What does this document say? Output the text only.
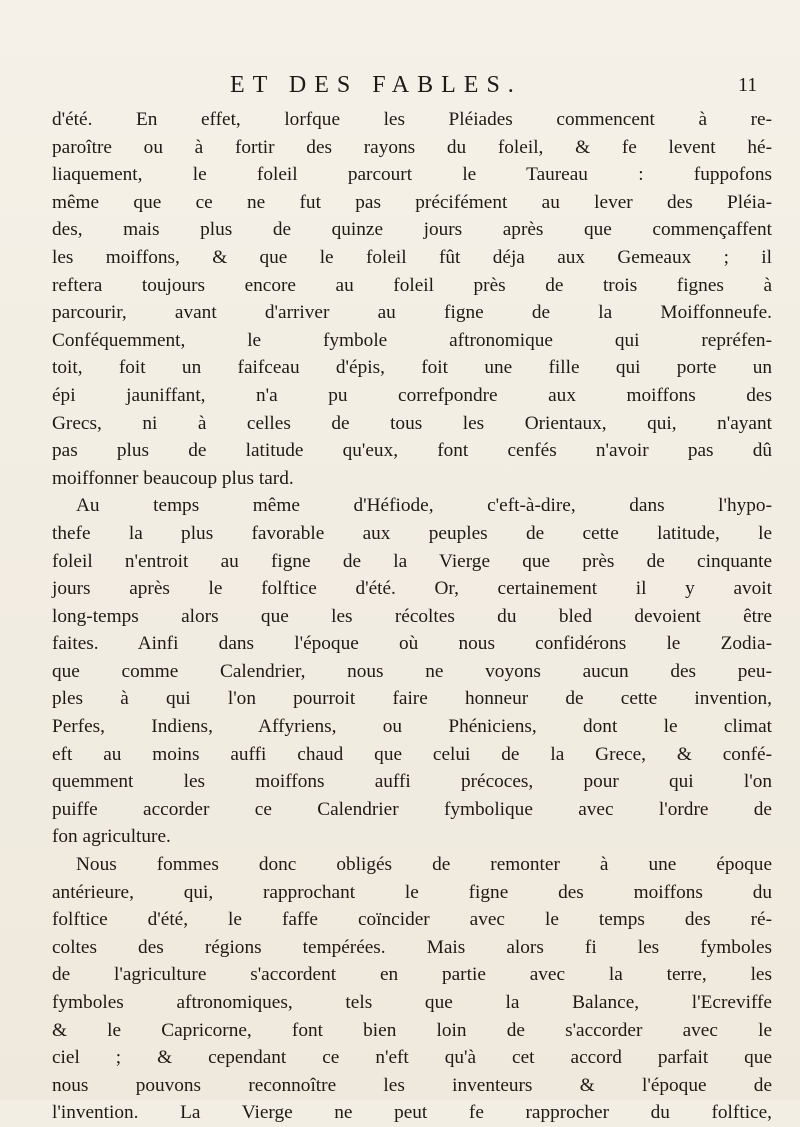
ET DES FABLES.	11
d'été. En effet, lorfque les Pléiades commencent à re-
paroître ou à fortir des rayons du foleil, & fe levent hé-
liaquement, le foleil parcourt le Taureau : fuppofons
même que ce ne fut pas précifément au lever des Pléia-
des, mais plus de quinze jours après que commençaffent
les moiffons, & que le foleil fût déja aux Gemeaux ; il
reftera toujours encore au foleil près de trois fignes à
parcourir, avant d'arriver au figne de la Moiffonneufe.
Conféquemment, le fymbole aftronomique qui repréfen-
toit, foit un faifceau d'épis, foit une fille qui porte un
épi jauniffant, n'a pu correfpondre aux moiffons des
Grecs, ni à celles de tous les Orientaux, qui, n'ayant
pas plus de latitude qu'eux, font cenfés n'avoir pas dû
moiffonner beaucoup plus tard.
Au temps même d'Héfiode, c'eft-à-dire, dans l'hypo-
thefe la plus favorable aux peuples de cette latitude, le
foleil n'entroit au figne de la Vierge que près de cinquante
jours après le folftice d'été. Or, certainement il y avoit
long-temps alors que les récoltes du bled devoient être
faites. Ainfi dans l'époque où nous confidérons le Zodia-
que comme Calendrier, nous ne voyons aucun des peu-
ples à qui l'on pourroit faire honneur de cette invention,
Perfes, Indiens, Affyriens, ou Phéniciens, dont le climat
eft au moins auffi chaud que celui de la Grece, & confé-
quemment les moiffons auffi précoces, pour qui l'on
puiffe accorder ce Calendrier fymbolique avec l'ordre de
fon agriculture.
Nous fommes donc obligés de remonter à une époque
antérieure, qui, rapprochant le figne des moiffons du
folftice d'été, le faffe coïncider avec le temps des ré-
coltes des régions tempérées. Mais alors fi les fymboles
de l'agriculture s'accordent en partie avec la terre, les
fymboles aftronomiques, tels que la Balance, l'Ecreviffe
& le Capricorne, font bien loin de s'accorder avec le
ciel ; & cependant ce n'eft qu'à cet accord parfait que
nous pouvons reconnoître les inventeurs & l'époque de
l'invention. La Vierge ne peut fe rapprocher du folftice,
